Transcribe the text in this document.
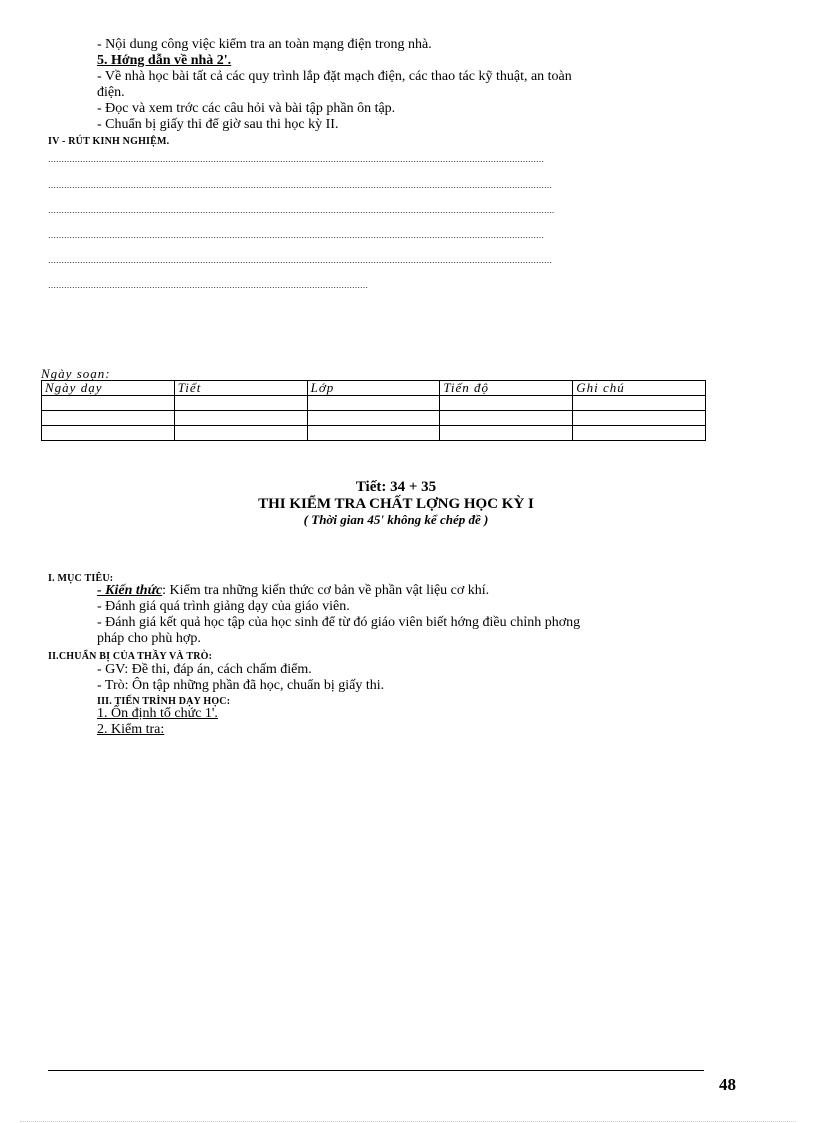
- Nội dung công việc kiểm tra an toàn mạng điện trong nhà.
5. Hớng dẫn về nhà 2'.
- Về nhà học bài tất cả các quy trình lắp đặt mạch điện, các thao tác kỹ thuật, an toàn
điện.
- Đọc và xem trớc các câu hỏi và bài tập phần ôn tập.
- Chuẩn bị giấy thi để giờ sau thi học kỳ II.
IV - RÚT KINH NGHIỆM.
……………………………………………………………………………………………………………………………………………………………………
………………………………………………………………………………………………………………………………………………………………………
……………………………………………………………………………………………………………………………………………………………………….
……………………………………………………………………………………………………………………………………………………………………
………………………………………………………………………………………………………………………………………………………………………
…………………………………………………………………………………………………………
Ngày soạn:
Ngày dạy	Tiết	Lớp	Tiến độ	Ghi chú

Tiết: 34 + 35
THI KIỂM TRA CHẤT LỢNG HỌC KỲ I
( Thời gian 45' không kể chép đề )
I. MỤC TIÊU:
- Kiến thức: Kiểm tra những kiến thức cơ bản về phần vật liệu cơ khí.
- Đánh giá quá trình giảng dạy của giáo viên.
- Đánh giá kết quả học tập của học sinh để từ đó giáo viên biết hớng điều chỉnh phơng
pháp cho phù hợp.
II.CHUẨN BỊ CỦA THẦY VÀ TRÒ:
- GV: Đề thi, đáp án, cách chấm điểm.
- Trò: Ôn tập những phần đã học, chuẩn bị giấy thi.
III. TIẾN TRÌNH DẠY HỌC:
1. Ổn định tổ chức 1'.
2. Kiểm tra:
48
